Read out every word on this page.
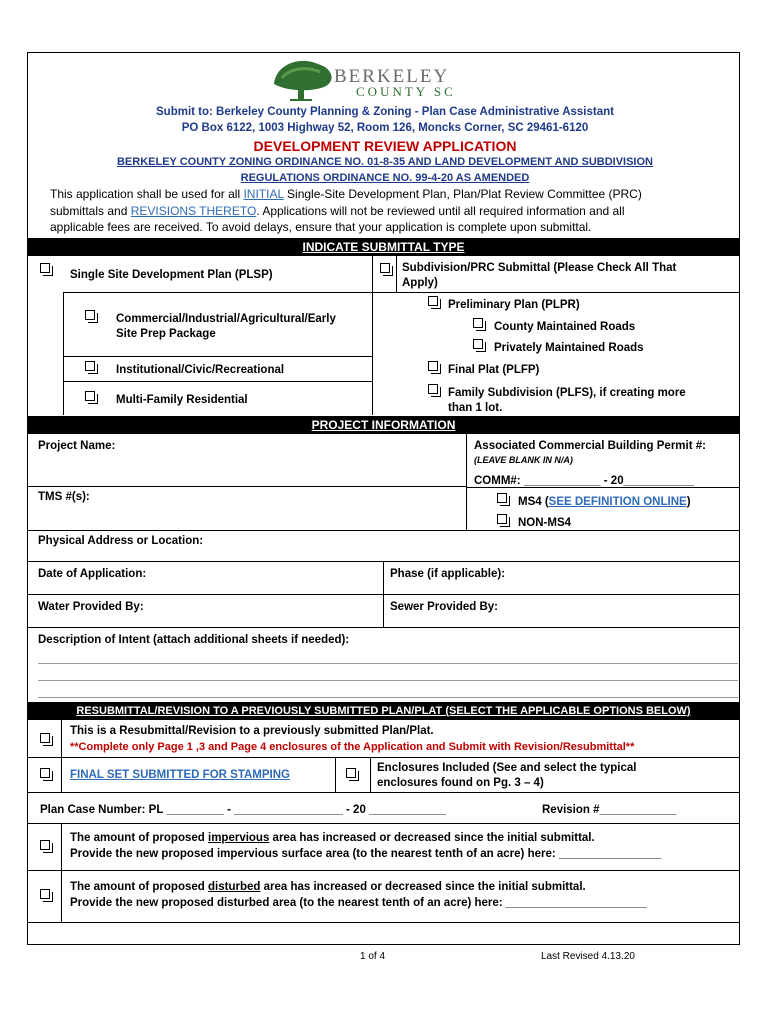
BERKELEY
COUNTY SC
Submit to: Berkeley County Planning & Zoning - Plan Case Administrative Assistant
PO Box 6122, 1003 Highway 52, Room 126, Moncks Corner, SC 29461-6120
DEVELOPMENT REVIEW APPLICATION
BERKELEY COUNTY ZONING ORDINANCE NO. 01-8-35 AND LAND DEVELOPMENT AND SUBDIVISION
REGULATIONS ORDINANCE NO. 99-4-20 AS AMENDED
This application shall be used for all INITIAL Single-Site Development Plan, Plan/Plat Review Committee (PRC)
submittals and REVISIONS THERETO. Applications will not be reviewed until all required information and all
applicable fees are received. To avoid delays, ensure that your application is complete upon submittal.
INDICATE SUBMITTAL TYPE
Single Site Development Plan (PLSP)
Commercial/Industrial/Agricultural/Early
Site Prep Package
Institutional/Civic/Recreational
Multi-Family Residential
Subdivision/PRC Submittal (Please Check All That
Apply)
Preliminary Plan (PLPR)
County Maintained Roads
Privately Maintained Roads
Final Plat (PLFP)
Family Subdivision (PLFS), if creating more
than 1 lot.
PROJECT INFORMATION
Project Name:	Associated Commercial Building Permit #:
(LEAVE BLANK IN N/A)
COMM#: ____________ - 20___________
TMS #(s):	MS4 (SEE DEFINITION ONLINE)
NON-MS4
Physical Address or Location:
Date of Application:	Phase (if applicable):
Water Provided By:	Sewer Provided By:
Description of Intent (attach additional sheets if needed):
RESUBMITTAL/REVISION TO A PREVIOUSLY SUBMITTED PLAN/PLAT (SELECT THE APPLICABLE OPTIONS BELOW)
This is a Resubmittal/Revision to a previously submitted Plan/Plat.
**Complete only Page 1 ,3 and Page 4 enclosures of the Application and Submit with Revision/Resubmittal**
FINAL SET SUBMITTED FOR STAMPING
Enclosures Included (See and select the typical
enclosures found on Pg. 3 – 4)
Plan Case Number: PL _________ - _________________ - 20 ____________	Revision #____________
The amount of proposed impervious area has increased or decreased since the initial submittal.
Provide the new proposed impervious surface area (to the nearest tenth of an acre) here: ________________
The amount of proposed disturbed area has increased or decreased since the initial submittal.
Provide the new proposed disturbed area (to the nearest tenth of an acre) here: ______________________
1 of 4	Last Revised 4.13.20
